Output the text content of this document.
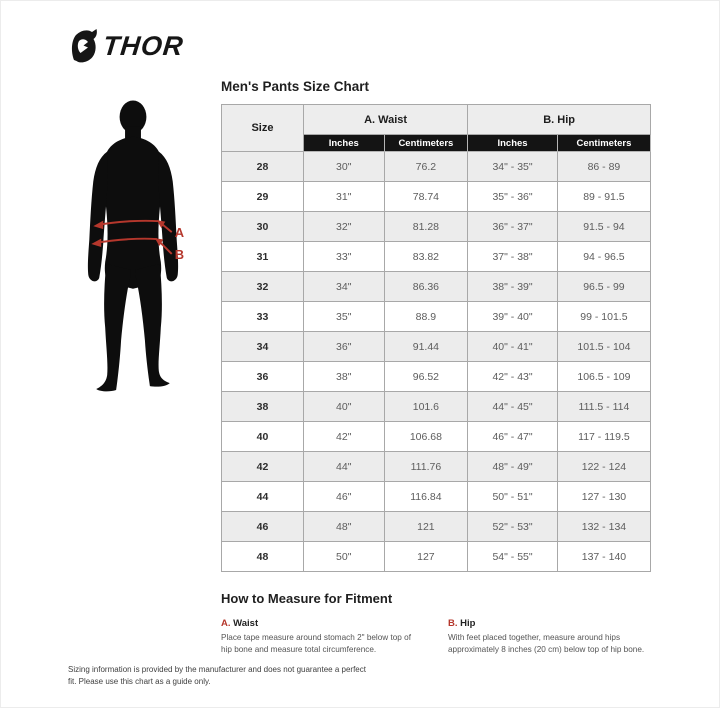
THOR
A
B
Men's Pants Size Chart
Size	A. Waist		B. Hip	
	Inches	Centimeters	Inches	Centimeters
28	30"	76.2	34" - 35"	86 - 89
29	31"	78.74	35" - 36"	89 - 91.5
30	32"	81.28	36" - 37"	91.5 - 94
31	33"	83.82	37" - 38"	94 - 96.5
32	34"	86.36	38" - 39"	96.5 - 99
33	35"	88.9	39" - 40"	99 - 101.5
34	36"	91.44	40" - 41"	101.5 - 104
36	38"	96.52	42" - 43"	106.5 - 109
38	40"	101.6	44" - 45"	111.5 - 114
40	42"	106.68	46" - 47"	117 - 119.5
42	44"	111.76	48" - 49"	122 - 124
44	46"	116.84	50" - 51"	127 - 130
46	48"	121	52" - 53"	132 - 134
48	50"	127	54" - 55"	137 - 140
How to Measure for Fitment
A. Waist
Place tape measure around stomach 2" below top of hip bone and measure total circumference.
B. Hip
With feet placed together, measure around hips approximately 8 inches (20 cm) below top of hip bone.
Sizing information is provided by the manufacturer and does not guarantee a perfect fit. Please use this chart as a guide only.
